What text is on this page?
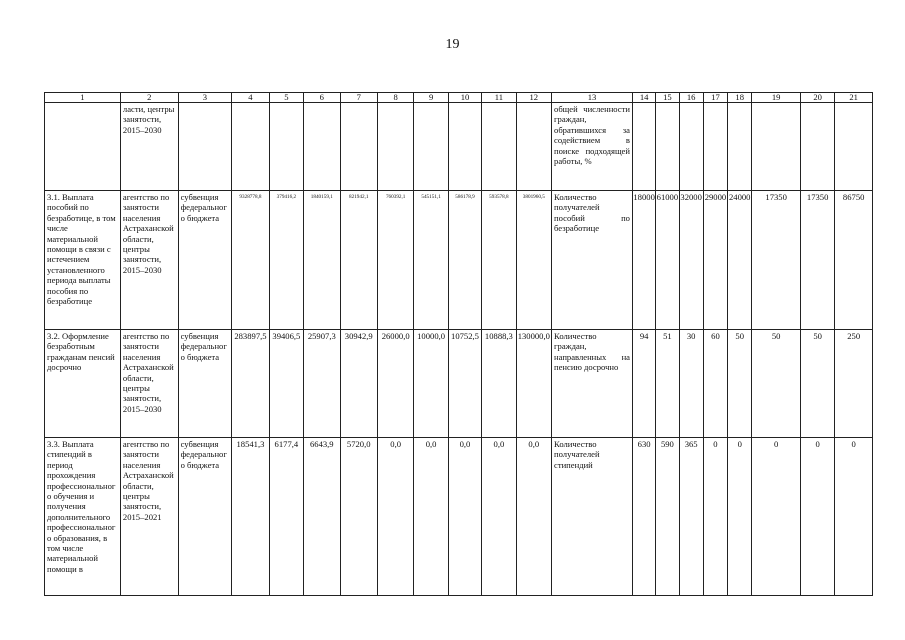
19
1	2	3	4	5	6	7	8	9	10	11	12	13	14	15	16	17	18	19	20	21
	ласти, центры занятости, 2015–2030											общей численности граждан, обратившихся за содействием в поиске подходящей работы, %								
3.1. Выплата пособий по безработице, в том числе материальной помощи в связи с истечением установленного периода выплаты пособия по безработице	агентство по занятости населения Астраханской области, центры занятости, 2015–2030	субвенция федерального бюджета	9328778,8	379416,2	1840159,1	821942,1	760392,1	545151,1	586178,9	593578,8	3801960,5	Количество получателей пособий по безработице	18000	61000	32000	29000	24000	17350	17350	86750
3.2. Оформление безработным гражданам пенсий досрочно	агентство по занятости населения Астраханской области, центры занятости, 2015–2030	субвенция федерального бюджета	283897,5	39406,5	25907,3	30942,9	26000,0	10000,0	10752,5	10888,3	130000,0	Количество граждан, направленных на пенсию досрочно	94	51	30	60	50	50	50	250
3.3. Выплата стипендий в период прохождения профессионального обучения и получения дополнительного профессионального образования, в том числе материальной помощи в	агентство по занятости населения Астраханской области, центры занятости, 2015–2021	субвенция федерального бюджета	18541,3	6177,4	6643,9	5720,0	0,0	0,0	0,0	0,0	0,0	Количество получателей стипендий	630	590	365	0	0	0	0	0
